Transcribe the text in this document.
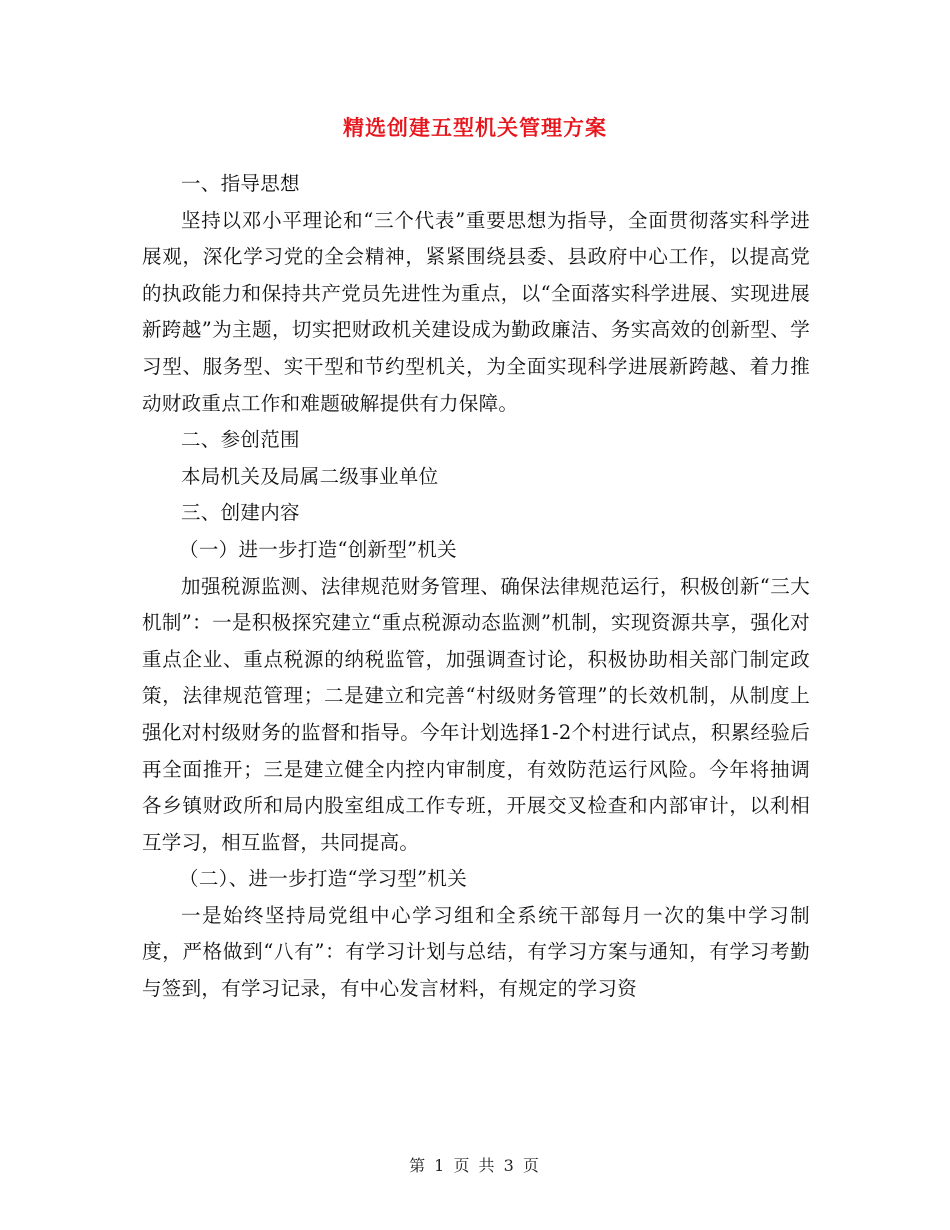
精选创建五型机关管理方案

一、指导思想

坚持以邓小平理论和“三个代表”重要思想为指导，全面贯彻落实科学进展观，深化学习党的全会精神，紧紧围绕县委、县政府中心工作，以提高党的执政能力和保持共产党员先进性为重点，以“全面落实科学进展、实现进展新跨越”为主题，切实把财政机关建设成为勤政廉洁、务实高效的创新型、学习型、服务型、实干型和节约型机关，为全面实现科学进展新跨越、着力推动财政重点工作和难题破解提供有力保障。

二、参创范围

本局机关及局属二级事业单位

三、创建内容

（一）进一步打造“创新型”机关

加强税源监测、法律规范财务管理、确保法律规范运行，积极创新“三大机制”：一是积极探究建立“重点税源动态监测”机制，实现资源共享，强化对重点企业、重点税源的纳税监管，加强调查讨论，积极协助相关部门制定政策，法律规范管理；二是建立和完善“村级财务管理”的长效机制，从制度上强化对村级财务的监督和指导。今年计划选择1-2个村进行试点，积累经验后再全面推开；三是建立健全内控内审制度，有效防范运行风险。今年将抽调各乡镇财政所和局内股室组成工作专班，开展交叉检查和内部审计，以利相互学习，相互监督，共同提高。

（二）、进一步打造“学习型”机关

一是始终坚持局党组中心学习组和全系统干部每月一次的集中学习制度，严格做到“八有”：有学习计划与总结，有学习方案与通知，有学习考勤与签到，有学习记录，有中心发言材料，有规定的学习资

第 1 页 共 3 页
